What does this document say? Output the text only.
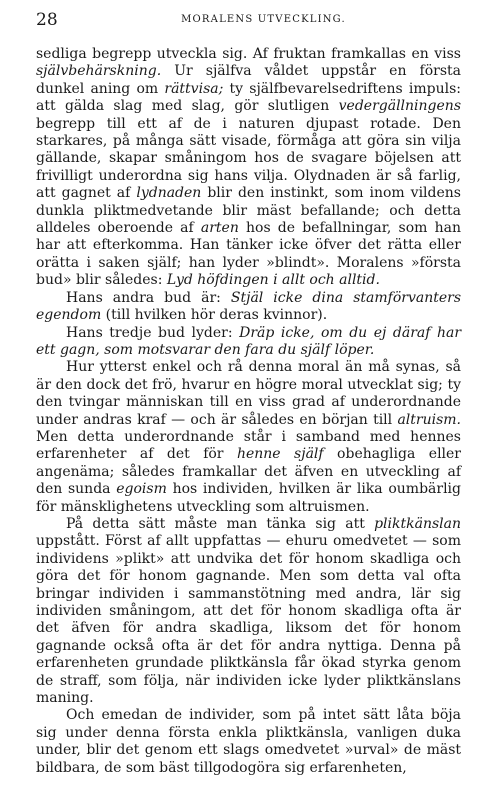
28	MORALENS UTVECKLING.

sedliga begrepp utveckla sig. Af fruktan framkallas en viss självbehärskning. Ur själfva våldet uppstår en första dunkel aning om rättvisa; ty själfbevarelsedriftens impuls: att gälda slag med slag, gör slutligen vedergällningens begrepp till ett af de i naturen djupast rotade. Den starkares, på många sätt visade, förmåga att göra sin vilja gällande, skapar småningom hos de svagare böjelsen att frivilligt underordna sig hans vilja. Olydnaden är så farlig, att gagnet af lydnaden blir den instinkt, som inom vildens dunkla pliktmedvetande blir mäst befallande; och detta alldeles oberoende af arten hos de befallningar, som han har att efterkomma. Han tänker icke öfver det rätta eller orätta i saken själf; han lyder »blindt». Moralens »första bud» blir således: Lyd höfdingen i allt och alltid.

Hans andra bud är: Stjäl icke dina stamförvanters egendom (till hvilken hör deras kvinnor).

Hans tredje bud lyder: Dräp icke, om du ej däraf har ett gagn, som motsvarar den fara du själf löper.

Hur ytterst enkel och rå denna moral än må synas, så är den dock det frö, hvarur en högre moral utvecklat sig; ty den tvingar människan till en viss grad af underordnande under andras kraf — och är således en början till altruism. Men detta underordnande står i samband med hennes erfarenheter af det för henne själf obehagliga eller angenäma; således framkallar det äfven en utveckling af den sunda egoism hos individen, hvilken är lika oumbärlig för mänsklighetens utveckling som altruismen.

På detta sätt måste man tänka sig att pliktkänslan uppstått. Först af allt uppfattas — ehuru omedvetet — som individens »plikt» att undvika det för honom skadliga och göra det för honom gagnande. Men som detta val ofta bringar individen i sammanstötning med andra, lär sig individen småningom, att det för honom skadliga ofta är det äfven för andra skadliga, liksom det för honom gagnande också ofta är det för andra nyttiga. Denna på erfarenheten grundade pliktkänsla får ökad styrka genom de straff, som följa, när individen icke lyder pliktkänslans maning.

Och emedan de individer, som på intet sätt låta böja sig under denna första enkla pliktkänsla, vanligen duka under, blir det genom ett slags omedvetet »urval» de mäst bildbara, de som bäst tillgodogöra sig erfarenheten,
